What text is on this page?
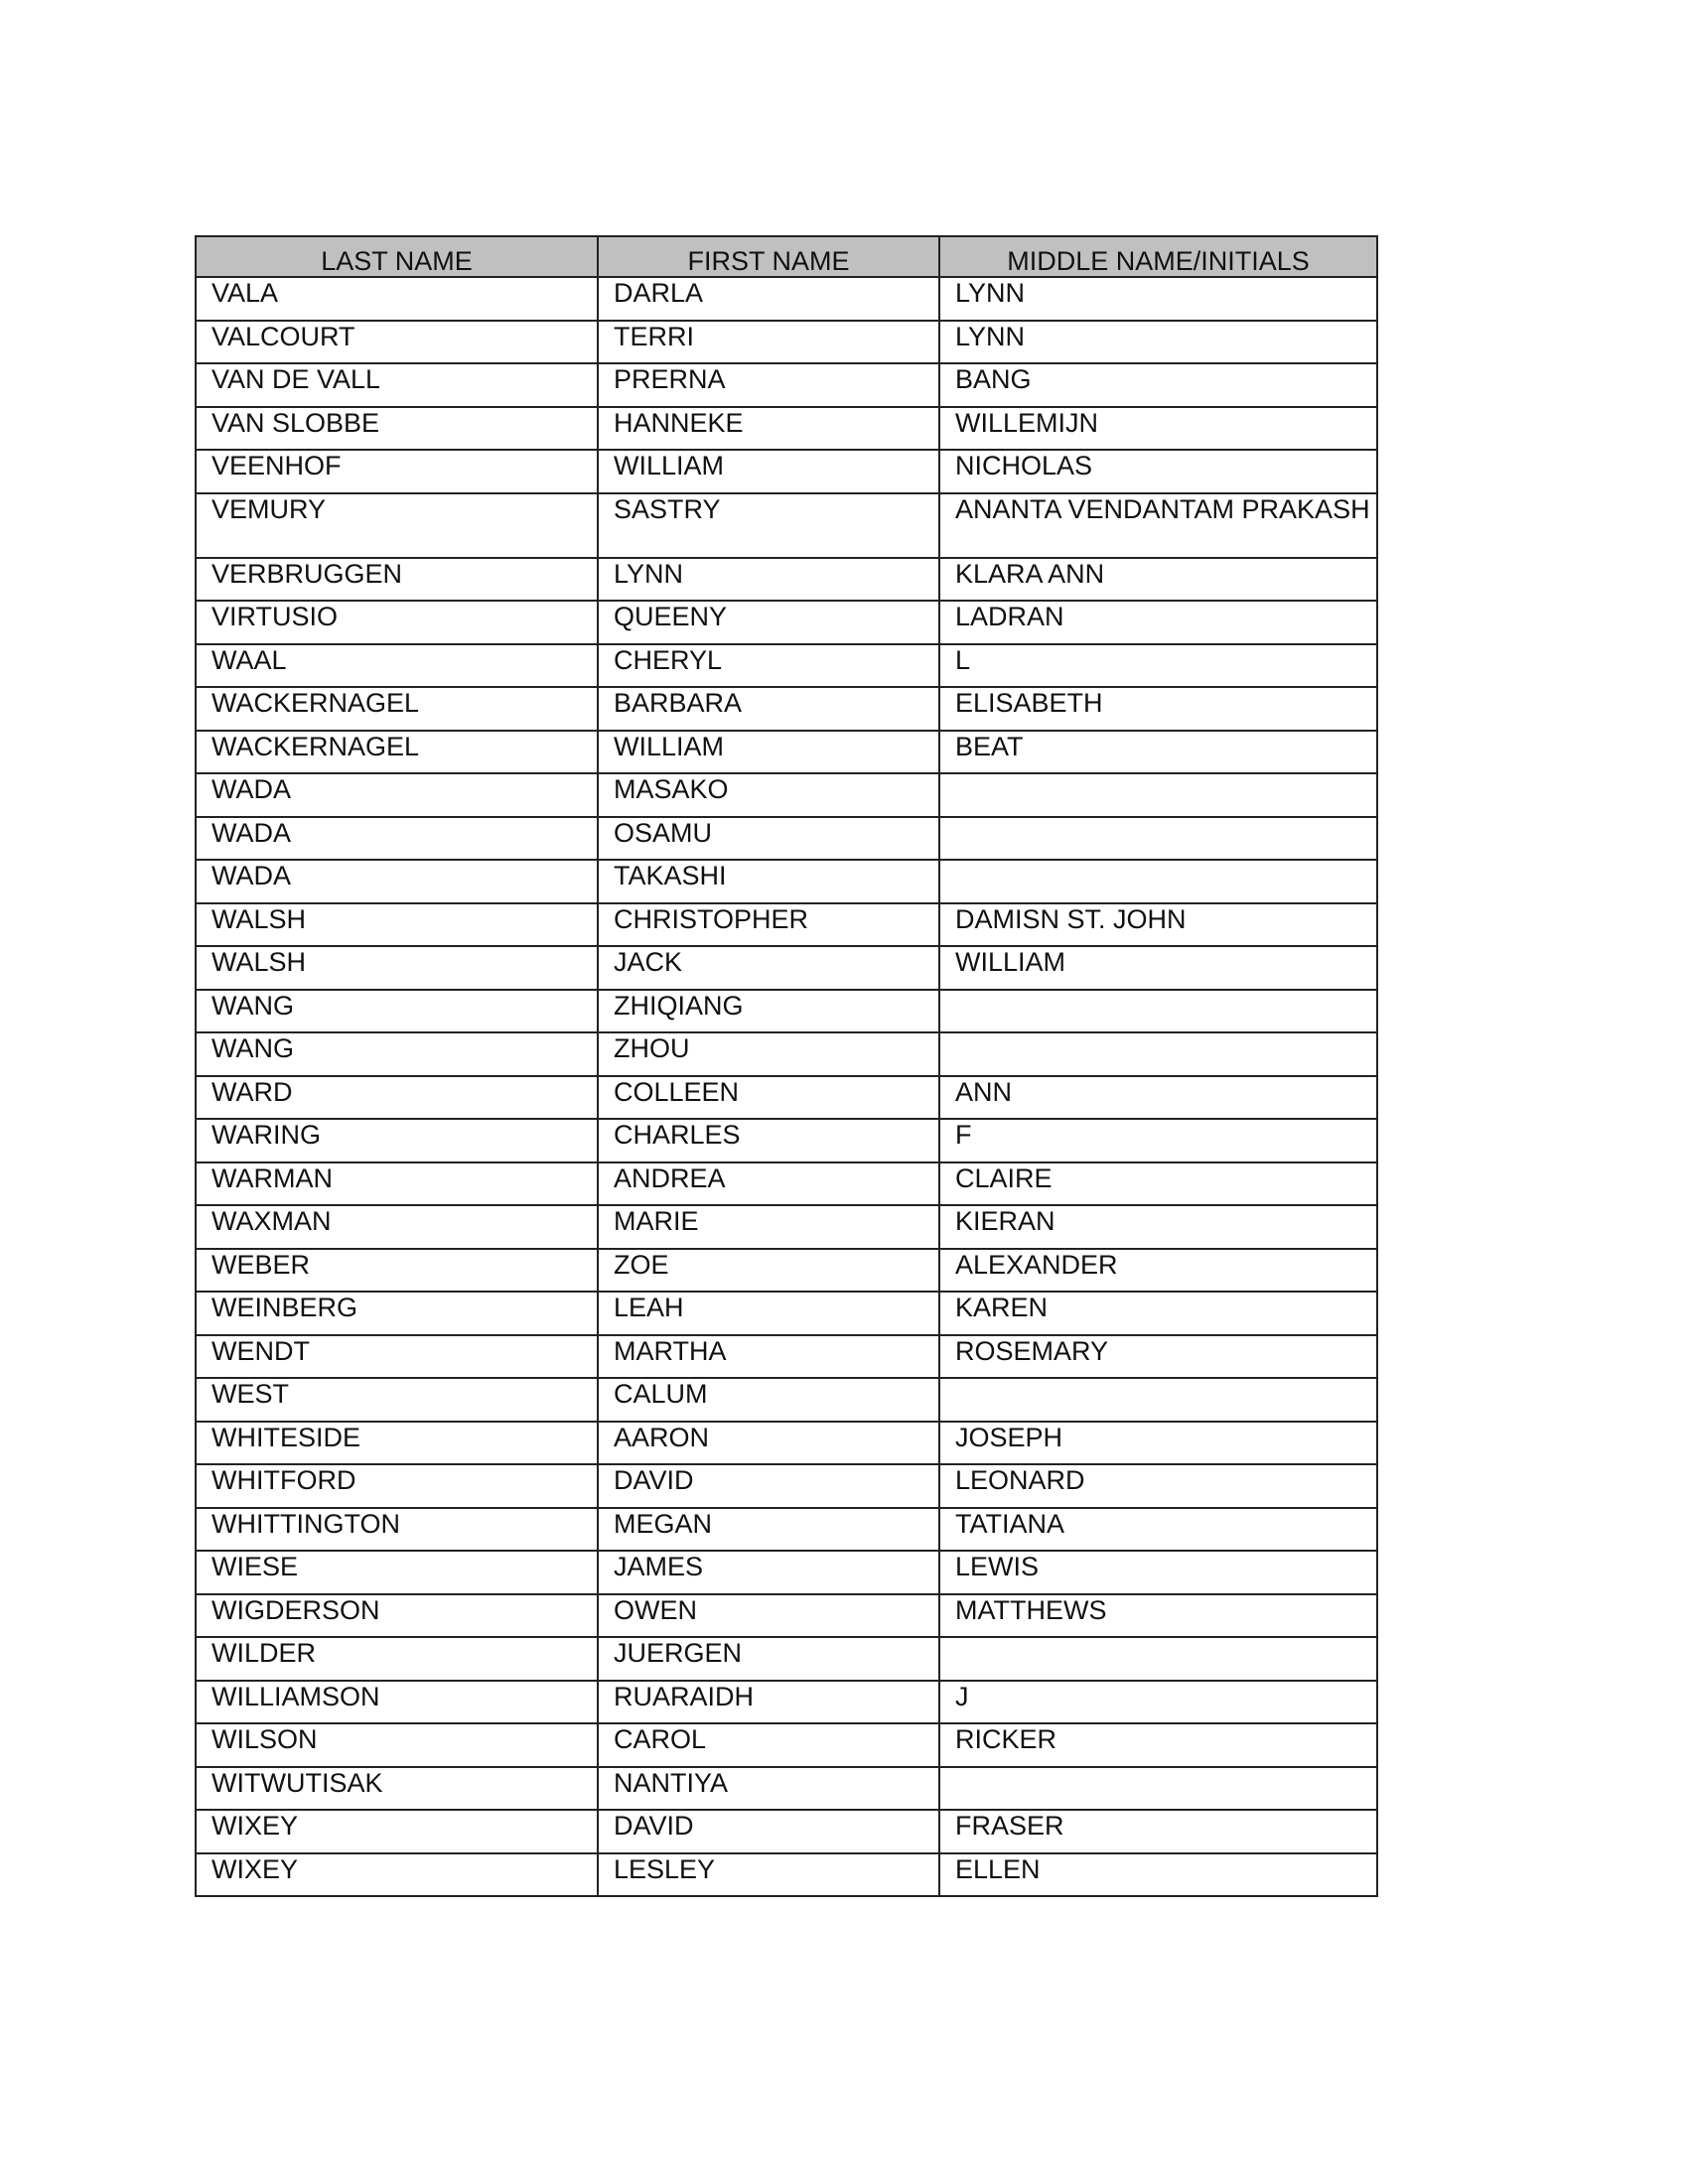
LAST NAME	FIRST NAME	MIDDLE NAME/INITIALS
VALA	DARLA	LYNN
VALCOURT	TERRI	LYNN
VAN DE VALL	PRERNA	BANG
VAN SLOBBE	HANNEKE	WILLEMIJN
VEENHOF	WILLIAM	NICHOLAS
VEMURY	SASTRY	ANANTA VENDANTAM PRAKASH
VERBRUGGEN	LYNN	KLARA ANN
VIRTUSIO	QUEENY	LADRAN
WAAL	CHERYL	L
WACKERNAGEL	BARBARA	ELISABETH
WACKERNAGEL	WILLIAM	BEAT
WADA	MASAKO	
WADA	OSAMU	
WADA	TAKASHI	
WALSH	CHRISTOPHER	DAMISN ST. JOHN
WALSH	JACK	WILLIAM
WANG	ZHIQIANG	
WANG	ZHOU	
WARD	COLLEEN	ANN
WARING	CHARLES	F
WARMAN	ANDREA	CLAIRE
WAXMAN	MARIE	KIERAN
WEBER	ZOE	ALEXANDER
WEINBERG	LEAH	KAREN
WENDT	MARTHA	ROSEMARY
WEST	CALUM	
WHITESIDE	AARON	JOSEPH
WHITFORD	DAVID	LEONARD
WHITTINGTON	MEGAN	TATIANA
WIESE	JAMES	LEWIS
WIGDERSON	OWEN	MATTHEWS
WILDER	JUERGEN	
WILLIAMSON	RUARAIDH	J
WILSON	CAROL	RICKER
WITWUTISAK	NANTIYA	
WIXEY	DAVID	FRASER
WIXEY	LESLEY	ELLEN
